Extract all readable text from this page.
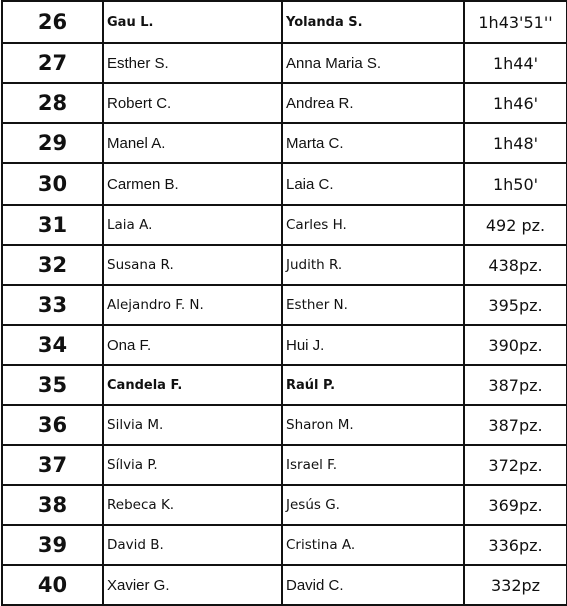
26	Gau L.	Yolanda S.	1h43'51''
27	Esther S.	Anna Maria S.	1h44'
28	Robert C.	Andrea R.	1h46'
29	Manel A.	Marta C.	1h48'
30	Carmen B.	Laia C.	1h50'
31	Laia A.	Carles H.	492 pz.
32	Susana R.	Judith R.	438pz.
33	Alejandro F. N.	Esther N.	395pz.
34	Ona F.	Hui J.	390pz.
35	Candela F.	Raúl P.	387pz.
36	Silvia M.	Sharon M.	387pz.
37	Sílvia P.	Israel F.	372pz.
38	Rebeca K.	Jesús G.	369pz.
39	David B.	Cristina A.	336pz.
40	Xavier G.	David C.	332pz
